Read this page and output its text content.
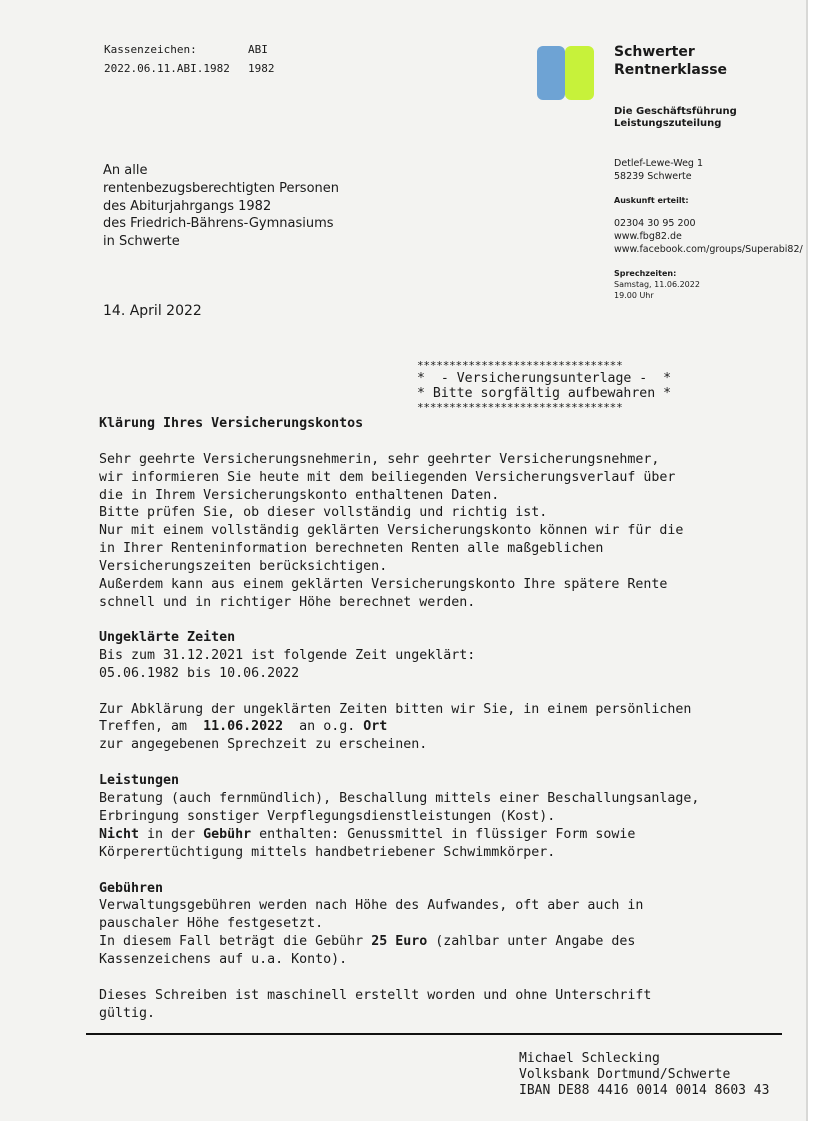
Kassenzeichen:	ABI
2022.06.11.ABI.1982 1982
Schwerter
Rentnerklasse
Die Geschäftsführung
Leistungszuteilung
Detlef-Lewe-Weg 1
58239 Schwerte
Auskunft erteilt:
02304 30 95 200
www.fbg82.de
www.facebook.com/groups/Superabi82/
Sprechzeiten:
Samstag, 11.06.2022
19.00 Uhr
An alle
rentenbezugsberechtigten Personen
des Abiturjahrgangs 1982
des Friedrich-Bährens-Gymnasiums
in Schwerte
14. April 2022
********************************
*  - Versicherungsunterlage -  *
* Bitte sorgfältig aufbewahren *
********************************
Klärung Ihres Versicherungskontos
Sehr geehrte Versicherungsnehmerin, sehr geehrter Versicherungsnehmer,
wir informieren Sie heute mit dem beiliegenden Versicherungsverlauf über
die in Ihrem Versicherungskonto enthaltenen Daten.
Bitte prüfen Sie, ob dieser vollständig und richtig ist.
Nur mit einem vollständig geklärten Versicherungskonto können wir für die
in Ihrer Renteninformation berechneten Renten alle maßgeblichen
Versicherungszeiten berücksichtigen.
Außerdem kann aus einem geklärten Versicherungskonto Ihre spätere Rente
schnell und in richtiger Höhe berechnet werden.
Ungeklärte Zeiten
Bis zum 31.12.2021 ist folgende Zeit ungeklärt:
05.06.1982 bis 10.06.2022
Zur Abklärung der ungeklärten Zeiten bitten wir Sie, in einem persönlichen
Treffen, am  11.06.2022  an o.g. Ort
zur angegebenen Sprechzeit zu erscheinen.
Leistungen
Beratung (auch fernmündlich), Beschallung mittels einer Beschallungsanlage,
Erbringung sonstiger Verpflegungsdienstleistungen (Kost).
Nicht in der Gebühr enthalten: Genussmittel in flüssiger Form sowie
Körperertüchtigung mittels handbetriebener Schwimmkörper.
Gebühren
Verwaltungsgebühren werden nach Höhe des Aufwandes, oft aber auch in
pauschaler Höhe festgesetzt.
In diesem Fall beträgt die Gebühr 25 Euro (zahlbar unter Angabe des
Kassenzeichens auf u.a. Konto).
Dieses Schreiben ist maschinell erstellt worden und ohne Unterschrift
gültig.
Michael Schlecking
Volksbank Dortmund/Schwerte
IBAN DE88 4416 0014 0014 8603 43
